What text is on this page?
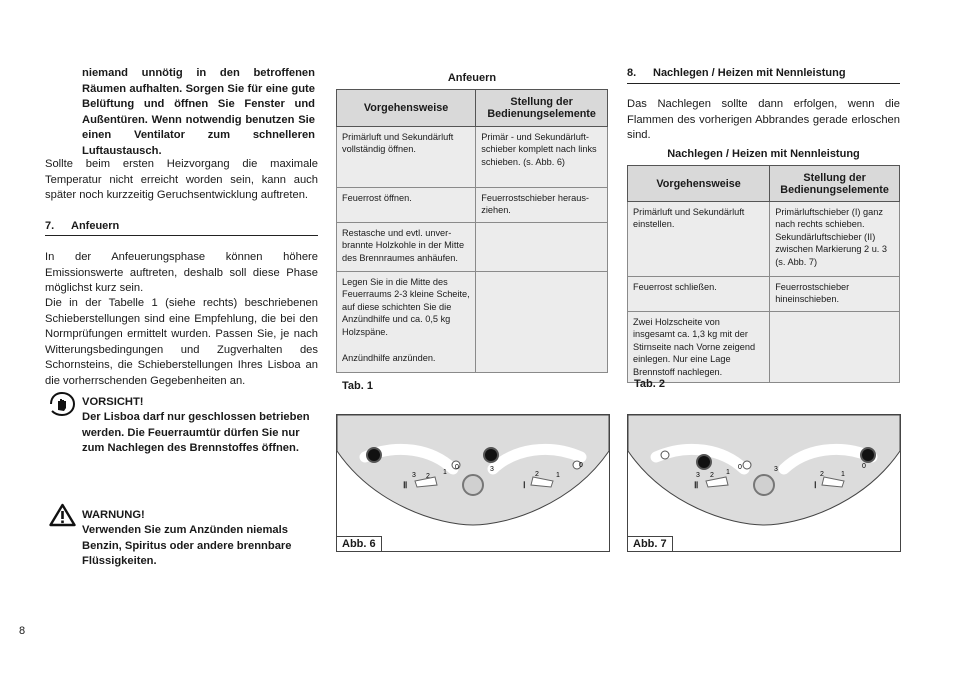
niemand unnötig in den betroffenen Räumen aufhalten. Sorgen Sie für eine gute Belüftung und öffnen Sie Fenster und Außentüren. Wenn notwendig benutzen Sie einen Ventilator zum schnelleren Luftaustausch.
Sollte beim ersten Heizvorgang die maximale Temperatur nicht erreicht worden sein, kann auch später noch kurzzeitig Geruchsentwicklung auftreten.
7. Anfeuern
In der Anfeuerungsphase können höhere Emissionswerte auftreten, deshalb soll diese Phase möglichst kurz sein.
Die in der Tabelle 1 (siehe rechts) beschriebenen Schieberstellungen sind eine Empfehlung, die bei den Normprüfungen ermittelt wurden. Passen Sie, je nach Witterungsbedingungen und Zugverhalten des Schornsteins, die Schieberstellungen Ihres Lisboa an die vorherrschenden Gegebenheiten an.
VORSICHT!
Der Lisboa darf nur geschlossen betrieben werden. Die Feuerraumtür dürfen Sie nur zum Nachlegen des Brennstoffes öffnen.
WARNUNG!
Verwenden Sie zum Anzünden niemals Benzin, Spiritus oder andere brennbare Flüssigkeiten.
8
Anfeuern
Vorgehensweise	Stellung der Bedienungselemente
Primärluft und Sekundärluft vollständig öffnen.	Primär - und Sekundärluftschieber komplett nach links schieben. (s. Abb. 6)
Feuerrost öffnen.	Feuerrostschieber herausziehen.
Restasche und evtl. unverbrannte Holzkohle in der Mitte des Brennraumes anhäufen.	

Legen Sie in die Mitte des Feuerraums 2-3 kleine Scheite, auf diese schichten Sie die Anzündhilfe und ca. 0,5 kg Holzspäne.
Anzündhilfe anzünden.	

Tab. 1
Ⅱ	Ⅰ
3 2
1
0	3
2 1
0
Abb. 6
8. Nachlegen / Heizen mit Nennleistung
Das Nachlegen sollte dann erfolgen, wenn die Flammen des vorherigen Abbrandes gerade erloschen sind.
Nachlegen / Heizen mit Nennleistung
Vorgehensweise	Stellung der Bedienungselemente
Primärluft und Sekundärluft einstellen.	Primärluftschieber (I) ganz nach rechts schieben. Sekundärluftschieber (II) zwischen Markierung 2 u. 3 (s. Abb. 7)
Feuerrost schließen.	Feuerrostschieber hineinschieben.
Zwei Holzscheite von insgesamt ca. 1,3 kg mit der Stirnseite nach Vorne zeigend einlegen. Nur eine Lage Brennstoff nachlegen.	
Tab. 2
Ⅱ	Ⅰ
3 2 1
0	3
2 1
0
Abb. 7
